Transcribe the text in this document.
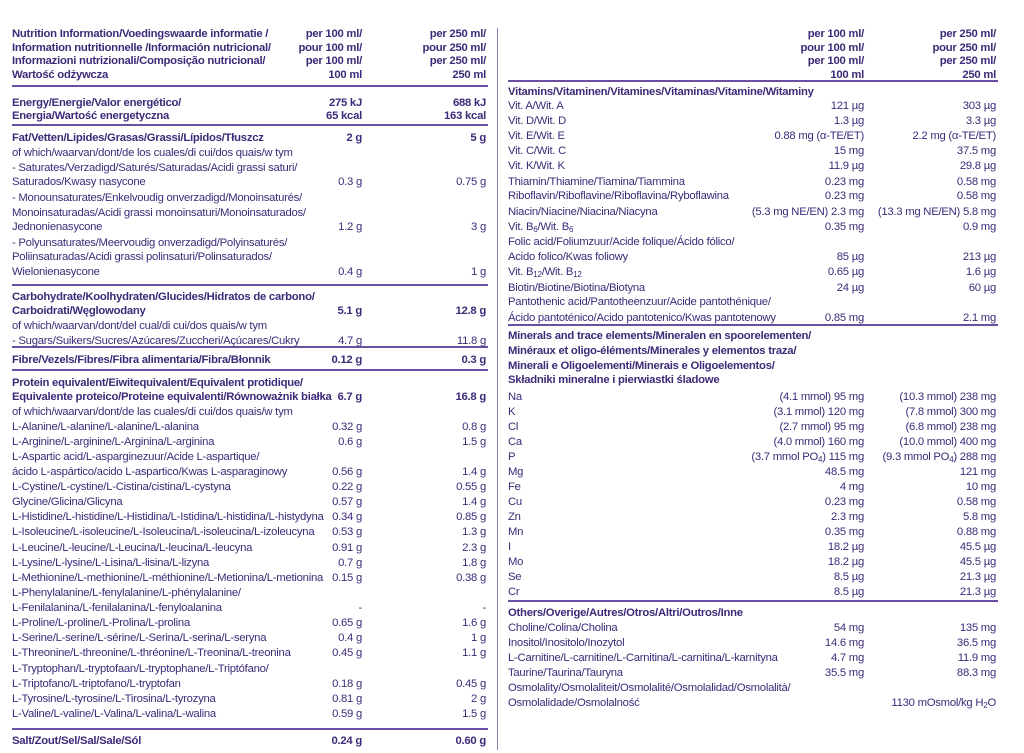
Nutrition Information/Voedingswaarde informatie /
Information nutritionnelle /Información nutricional/
Informazioni nutrizionali/Composição nutricional/
Wartość odżywcza
per 100 ml/
pour 100 ml/
per 100 ml/
100 ml
per 250 ml/
pour 250 ml/
per 250 ml/
250 ml
Energy/Energie/Valor energético/	275 kJ	688 kJ
Energia/Wartość energetyczna	65 kcal	163 kcal
Fat/Vetten/Lipides/Grasas/Grassi/Lípidos/Tłuszcz	2 g	5 g
of which/waarvan/dont/de los cuales/di cui/dos quais/w tym
- Saturates/Verzadigd/Saturés/Saturadas/Acidi grassi saturi/
Saturados/Kwasy nasycone	0.3 g	0.75 g
- Monounsaturates/Enkelvoudig onverzadigd/Monoinsaturés/
Monoinsaturadas/Acidi grassi monoinsaturi/Monoinsaturados/
Jednonienasycone	1.2 g	3 g
- Polyunsaturates/Meervoudig onverzadigd/Polyinsaturés/
Poliinsaturadas/Acidi grassi polinsaturi/Polinsaturados/
Wielonienasycone	0.4 g	1 g
Carbohydrate/Koolhydraten/Glucides/Hidratos de carbono/
Carboidrati/Węglowodany	5.1 g	12.8 g
of which/waarvan/dont/del cual/di cui/dos quais/w tym
- Sugars/Suikers/Sucres/Azúcares/Zuccheri/Açúcares/Cukry	4.7 g	11.8 g
Fibre/Vezels/Fibres/Fibra alimentaria/Fibra/Błonnik	0.12 g	0.3 g
Protein equivalent/Eiwitequivalent/Equivalent protidique/
Equivalente proteico/Proteine equivalenti/Równoważnik białka 6.7 g	16.8 g
of which/waarvan/dont/de las cuales/di cui/dos quais/w tym
L-Alanine/L-alanine/L-alanine/L-alanina	0.32 g	0.8 g
L-Arginine/L-arginine/L-Arginina/L-arginina	0.6 g	1.5 g
L-Aspartic acid/L-asparginezuur/Acide L-aspartique/
ácido L-aspártico/acido L-aspartico/Kwas L-asparaginowy	0.56 g	1.4 g
L-Cystine/L-cystine/L-Cistina/cistina/L-cystyna	0.22 g	0.55 g
Glycine/Glicina/Glicyna	0.57 g	1.4 g
L-Histidine/L-histidine/L-Histidina/L-Istidina/L-histidina/L-histydyna 0.34 g	0.85 g
L-Isoleucine/L-isoleucine/L-Isoleucina/L-isoleucina/L-izoleucyna	0.53 g	1.3 g
L-Leucine/L-leucine/L-Leucina/L-leucina/L-leucyna	0.91 g	2.3 g
L-Lysine/L-lysine/L-Lisina/L-lisina/L-lizyna	0.7 g	1.8 g
L-Methionine/L-methionine/L-méthionine/L-Metionina/L-metionina 0.15 g	0.38 g
L-Phenylalanine/L-fenylalanine/L-phénylalanine/
L-Fenilalanina/L-fenilalanina/L-fenyloalanina	-	-
L-Proline/L-proline/L-Prolina/L-prolina	0.65 g	1.6 g
L-Serine/L-serine/L-sérine/L-Serina/L-serina/L-seryna	0.4 g	1 g
L-Threonine/L-threonine/L-thréonine/L-Treonina/L-treonina	0.45 g	1.1 g
L-Tryptophan/L-tryptofaan/L-tryptophane/L-Triptófano/
L-Triptofano/L-triptofano/L-tryptofan	0.18 g	0.45 g
L-Tyrosine/L-tyrosine/L-Tirosina/L-tyrozyna	0.81 g	2 g
L-Valine/L-valine/L-Valina/L-valina/L-walina	0.59 g	1.5 g
Salt/Zout/Sel/Sal/Sale/Sól	0.24 g	0.60 g
per 100 ml/
pour 100 ml/
per 100 ml/
100 ml
per 250 ml/
pour 250 ml/
per 250 ml/
250 ml
Vitamins/Vitaminen/Vitamines/Vitaminas/Vitamine/Witaminy
Vit. A/Wit. A	121 µg	303 µg
Vit. D/Wit. D	1.3 µg	3.3 µg
Vit. E/Wit. E	0.88 mg (α-TE/ET)	2.2 mg (α-TE/ET)
Vit. C/Wit. C	15 mg	37.5 mg
Vit. K/Wit. K	11.9 µg	29.8 µg
Thiamin/Thiamine/Tiamina/Tiammina	0.23 mg	0.58 mg
Riboflavin/Riboflavine/Riboflavina/Ryboflawina	0.23 mg	0.58 mg
Niacin/Niacine/Niacina/Niacyna	(5.3 mg NE/EN) 2.3 mg	(13.3 mg NE/EN) 5.8 mg
Vit. $B_6$/Wit. $B_6$	0.35 mg	0.9 mg
Folic acid/Foliumzuur/Acide folique/Ácido fólico/
Acido folico/Kwas foliowy	85 µg	213 µg
Vit. $B_{12}$/Wit. $B_{12}$	0.65 µg	1.6 µg
Biotin/Biotine/Biotina/Biotyna	24 µg	60 µg
Pantothenic acid/Pantotheenzuur/Acide pantothénique/
Ácido pantoténico/Acido pantotenico/Kwas pantotenowy	0.85 mg	2.1 mg
Minerals and trace elements/Mineralen en spoorelementen/
Minéraux et oligo-éléments/Minerales y elementos traza/
Minerali e Oligoelementi/Minerais e Oligoelementos/
Składniki mineralne i pierwiastki śladowe
Na	(4.1 mmol) 95 mg	(10.3 mmol) 238 mg
K	(3.1 mmol) 120 mg	(7.8 mmol) 300 mg
Cl	(2.7 mmol) 95 mg	(6.8 mmol) 238 mg
Ca	(4.0 mmol) 160 mg	(10.0 mmol) 400 mg
P	(3.7 mmol $PO_4$) 115 mg	(9.3 mmol $PO_4$) 288 mg
Mg	48.5 mg	121 mg
Fe	4 mg	10 mg
Cu	0.23 mg	0.58 mg
Zn	2.3 mg	5.8 mg
Mn	0.35 mg	0.88 mg
I	18.2 µg	45.5 µg
Mo	18.2 µg	45.5 µg
Se	8.5 µg	21.3 µg
Cr	8.5 µg	21.3 µg
Others/Overige/Autres/Otros/Altri/Outros/Inne
Choline/Colina/Cholina	54 mg	135 mg
Inositol/Inositolo/Inozytol	14.6 mg	36.5 mg
L-Carnitine/L-carnitine/L-Carnitina/L-carnitina/L-karnityna	4.7 mg	11.9 mg
Taurine/Taurina/Tauryna	35.5 mg	88.3 mg
Osmolality/Osmolaliteit/Osmolalité/Osmolalidad/Osmolalità/
Osmolalidade/Osmolalność	1130 mOsmol/kg $H_2O$
